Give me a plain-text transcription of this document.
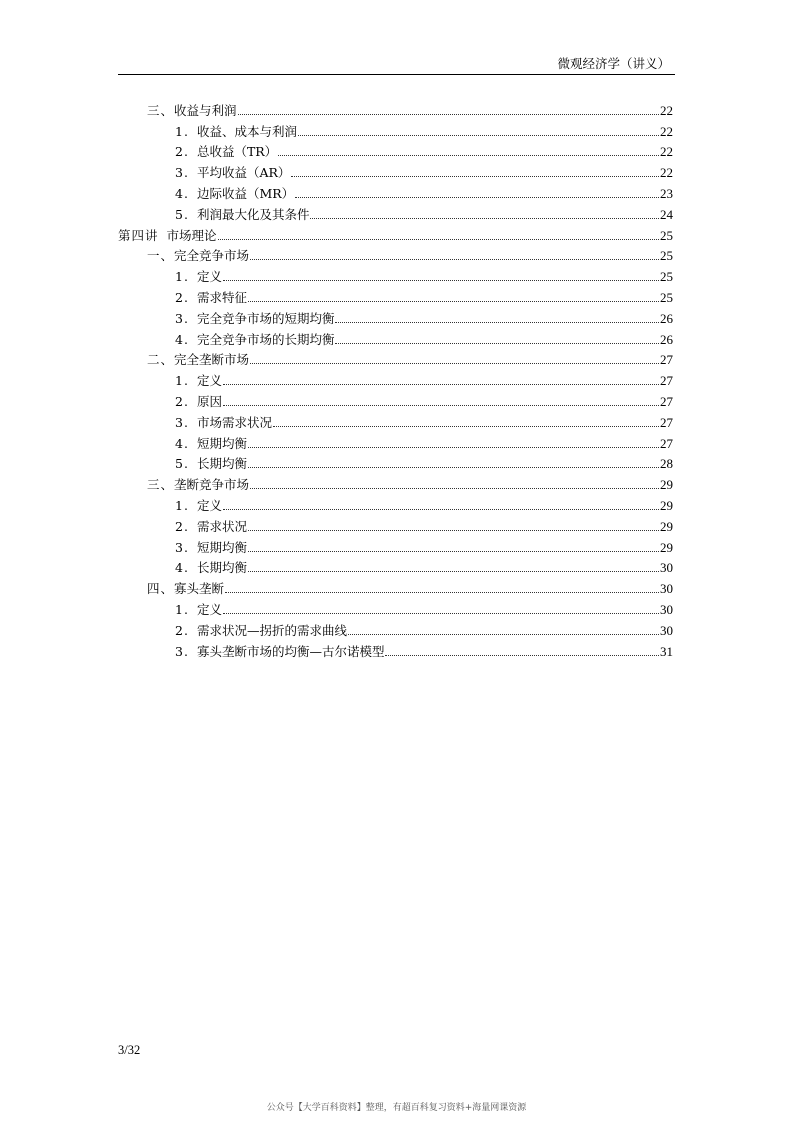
微观经济学（讲义）
三、收益与利润	22
1. 收益、成本与利润	22
2. 总收益（TR）	22
3. 平均收益（AR）	22
4. 边际收益（MR）	23
5. 利润最大化及其条件	24
第四讲 市场理论	25
一、完全竞争市场	25
1. 定义	25
2. 需求特征	25
3. 完全竞争市场的短期均衡	26
4. 完全竞争市场的长期均衡	26
二、完全垄断市场	27
1. 定义	27
2. 原因	27
3. 市场需求状况	27
4. 短期均衡	27
5. 长期均衡	28
三、垄断竞争市场	29
1. 定义	29
2. 需求状况	29
3. 短期均衡	29
4. 长期均衡	30
四、寡头垄断	30
1. 定义	30
2. 需求状况—拐折的需求曲线	30
3. 寡头垄断市场的均衡—古尔诺模型	31
3/32
公众号【大学百科资料】整理，有超百科复习资料+海量网课资源
